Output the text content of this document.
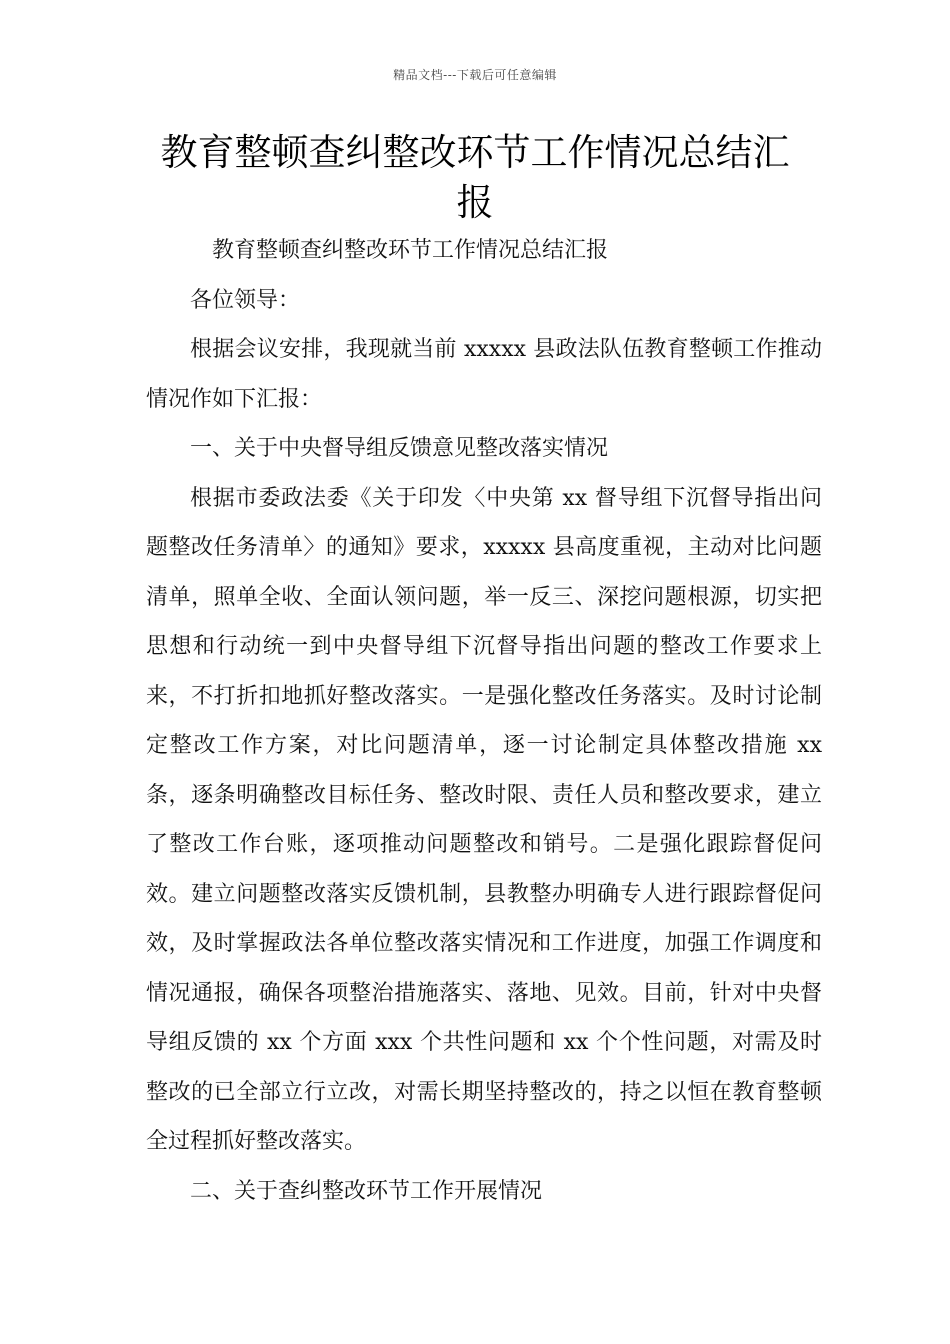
精品文档---下载后可任意编辑
教育整顿查纠整改环节工作情况总结汇报

教育整顿查纠整改环节工作情况总结汇报

各位领导：

根据会议安排，我现就当前 xxxxx 县政法队伍教育整顿工作推动情况作如下汇报：

一、关于中央督导组反馈意见整改落实情况

根据市委政法委《关于印发〈中央第 xx 督导组下沉督导指出问题整改任务清单〉的通知》要求，xxxxx 县高度重视，主动对比问题清单，照单全收、全面认领问题，举一反三、深挖问题根源，切实把思想和行动统一到中央督导组下沉督导指出问题的整改工作要求上来，不打折扣地抓好整改落实。一是强化整改任务落实。及时讨论制定整改工作方案，对比问题清单，逐一讨论制定具体整改措施 xx 条，逐条明确整改目标任务、整改时限、责任人员和整改要求，建立了整改工作台账，逐项推动问题整改和销号。二是强化跟踪督促问效。建立问题整改落实反馈机制，县教整办明确专人进行跟踪督促问效，及时掌握政法各单位整改落实情况和工作进度，加强工作调度和情况通报，确保各项整治措施落实、落地、见效。目前，针对中央督导组反馈的 xx 个方面 xxx 个共性问题和 xx 个个性问题，对需及时整改的已全部立行立改，对需长期坚持整改的，持之以恒在教育整顿全过程抓好整改落实。

二、关于查纠整改环节工作开展情况
